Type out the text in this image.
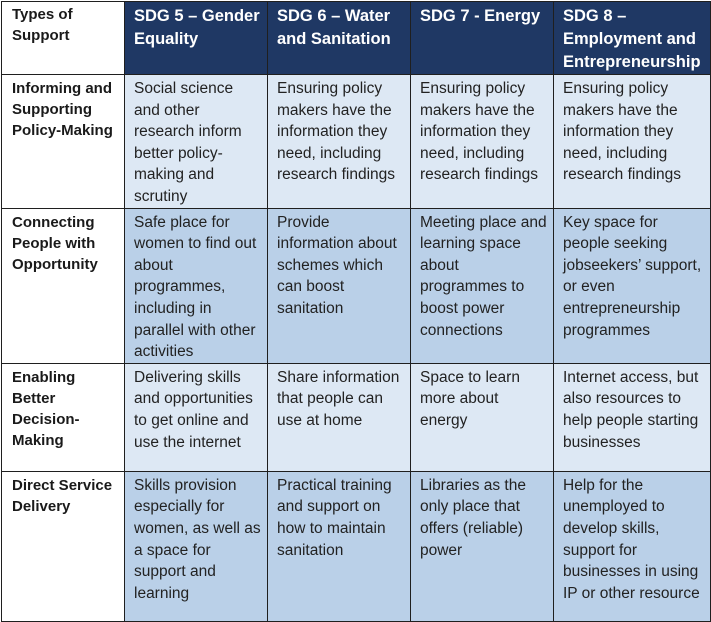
Types of Support	SDG 5 – Gender Equality	SDG 6 – Water and Sanitation	SDG 7 - Energy	SDG 8 – Employment and Entrepreneurship
Informing and Supporting Policy-Making	Social science and other research inform better policy-making and scrutiny	Ensuring policy makers have the information they need, including research findings	Ensuring policy makers have the information they need, including research findings	Ensuring policy makers have the information they need, including research findings
Connecting People with Opportunity	Safe place for women to find out about programmes, including in parallel with other activities	Provide information about schemes which can boost sanitation	Meeting place and learning space about programmes to boost power connections	Key space for people seeking jobseekers’ support, or even entrepreneurship programmes
Enabling Better Decision-Making	Delivering skills and opportunities to get online and use the internet	Share information that people can use at home	Space to learn more about energy	Internet access, but also resources to help people starting businesses
Direct Service Delivery	Skills provision especially for women, as well as a space for support and learning	Practical training and support on how to maintain sanitation	Libraries as the only place that offers (reliable) power	Help for the unemployed to develop skills, support for businesses in using IP or other resource
